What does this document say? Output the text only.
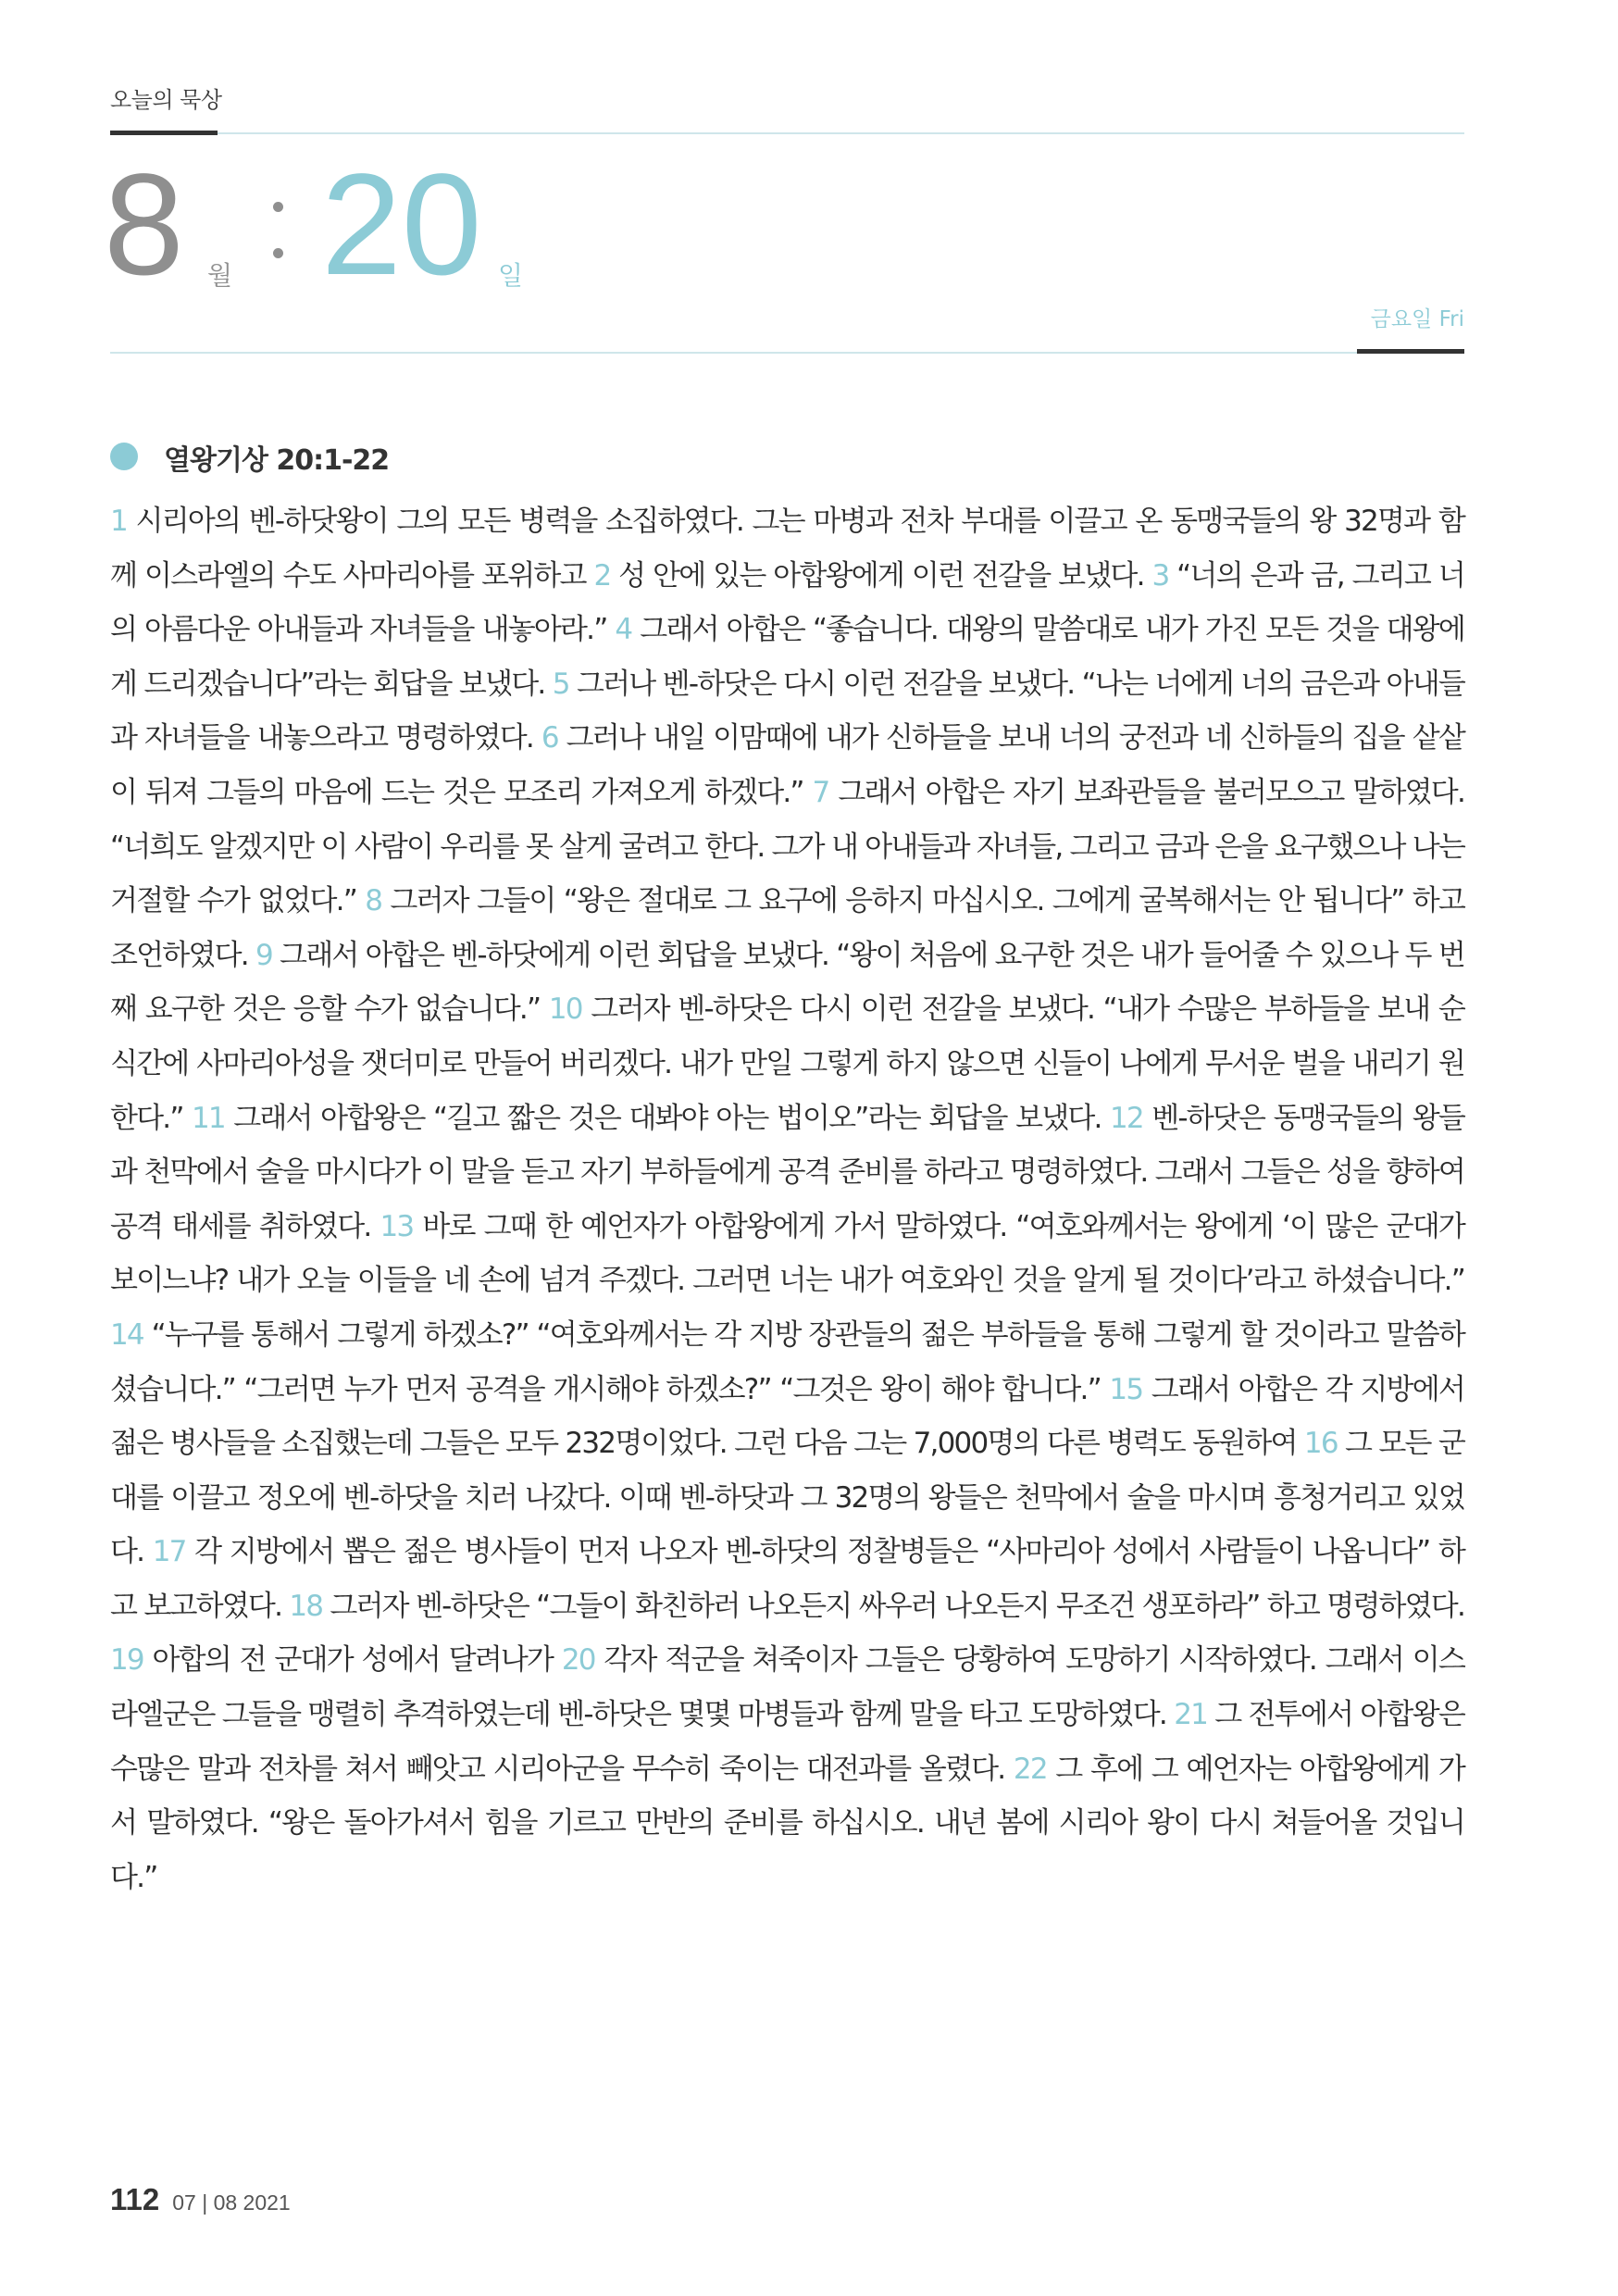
오늘의 묵상
8 월 20 일
금요일 Fri
열왕기상 20:1-22
1 시리아의 벤-하닷왕이 그의 모든 병력을 소집하였다. 그는 마병과 전차 부대를 이끌고 온 동맹국들의 왕 32명과 함께 이스라엘의 수도 사마리아를 포위하고 2 성 안에 있는 아합왕에게 이런 전갈을 보냈다. 3 “너의 은과 금, 그리고 너의 아름다운 아내들과 자녀들을 내놓아라.” 4 그래서 아합은 “좋습니다. 대왕의 말씀대로 내가 가진 모든 것을 대왕에게 드리겠습니다”라는 회답을 보냈다. 5 그러나 벤-하닷은 다시 이런 전갈을 보냈다. “나는 너에게 너의 금은과 아내들과 자녀들을 내놓으라고 명령하였다. 6 그러나 내일 이맘때에 내가 신하들을 보내 너의 궁전과 네 신하들의 집을 샅샅이 뒤져 그들의 마음에 드는 것은 모조리 가져오게 하겠다.” 7 그래서 아합은 자기 보좌관들을 불러모으고 말하였다. “너희도 알겠지만 이 사람이 우리를 못 살게 굴려고 한다. 그가 내 아내들과 자녀들, 그리고 금과 은을 요구했으나 나는 거절할 수가 없었다.” 8 그러자 그들이 “왕은 절대로 그 요구에 응하지 마십시오. 그에게 굴복해서는 안 됩니다” 하고 조언하였다. 9 그래서 아합은 벤-하닷에게 이런 회답을 보냈다. “왕이 처음에 요구한 것은 내가 들어줄 수 있으나 두 번째 요구한 것은 응할 수가 없습니다.” 10 그러자 벤-하닷은 다시 이런 전갈을 보냈다. “내가 수많은 부하들을 보내 순식간에 사마리아성을 잿더미로 만들어 버리겠다. 내가 만일 그렇게 하지 않으면 신들이 나에게 무서운 벌을 내리기 원한다.” 11 그래서 아합왕은 “길고 짧은 것은 대봐야 아는 법이오”라는 회답을 보냈다. 12 벤-하닷은 동맹국들의 왕들과 천막에서 술을 마시다가 이 말을 듣고 자기 부하들에게 공격 준비를 하라고 명령하였다. 그래서 그들은 성을 향하여 공격 태세를 취하였다. 13 바로 그때 한 예언자가 아합왕에게 가서 말하였다. “여호와께서는 왕에게 ‘이 많은 군대가 보이느냐? 내가 오늘 이들을 네 손에 넘겨 주겠다. 그러면 너는 내가 여호와인 것을 알게 될 것이다’라고 하셨습니다.” 14 “누구를 통해서 그렇게 하겠소?” “여호와께서는 각 지방 장관들의 젊은 부하들을 통해 그렇게 할 것이라고 말씀하셨습니다.” “그러면 누가 먼저 공격을 개시해야 하겠소?” “그것은 왕이 해야 합니다.” 15 그래서 아합은 각 지방에서 젊은 병사들을 소집했는데 그들은 모두 232명이었다. 그런 다음 그는 7,000명의 다른 병력도 동원하여 16 그 모든 군대를 이끌고 정오에 벤-하닷을 치러 나갔다. 이때 벤-하닷과 그 32명의 왕들은 천막에서 술을 마시며 흥청거리고 있었다. 17 각 지방에서 뽑은 젊은 병사들이 먼저 나오자 벤-하닷의 정찰병들은 “사마리아 성에서 사람들이 나옵니다” 하고 보고하였다. 18 그러자 벤-하닷은 “그들이 화친하러 나오든지 싸우러 나오든지 무조건 생포하라” 하고 명령하였다. 19 아합의 전 군대가 성에서 달려나가 20 각자 적군을 쳐죽이자 그들은 당황하여 도망하기 시작하였다. 그래서 이스라엘군은 그들을 맹렬히 추격하였는데 벤-하닷은 몇몇 마병들과 함께 말을 타고 도망하였다. 21 그 전투에서 아합왕은 수많은 말과 전차를 쳐서 빼앗고 시리아군을 무수히 죽이는 대전과를 올렸다. 22 그 후에 그 예언자는 아합왕에게 가서 말하였다. “왕은 돌아가셔서 힘을 기르고 만반의 준비를 하십시오. 내년 봄에 시리아 왕이 다시 쳐들어올 것입니다.”
112 07 | 08 2021
